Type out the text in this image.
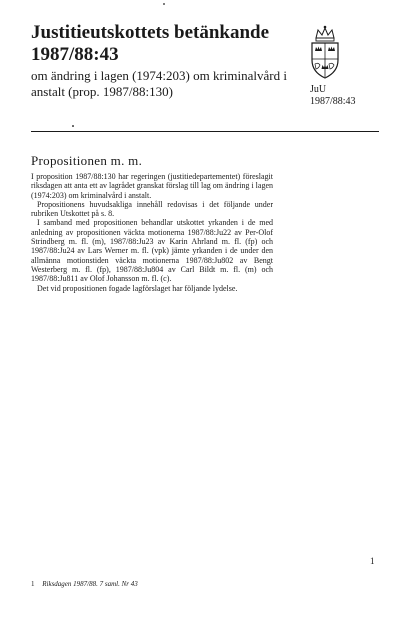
Justitieutskottets betänkande 1987/88:43

om ändring i lagen (1974:203) om kriminalvård i anstalt (prop. 1987/88:130)	JuU
1987/88:43
Propositionen m. m.

I proposition 1987/88:130 har regeringen (justitiedepartementet) föreslagit riksdagen att anta ett av lagrådet granskat förslag till lag om ändring i lagen (1974:203) om kriminalvård i anstalt.

Propositionens huvudsakliga innehåll redovisas i det följande under rubriken Utskottet på s. 8.

I samband med propositionen behandlar utskottet yrkanden i de med anledning av propositionen väckta motionerna 1987/88:Ju22 av Per-Olof Strindberg m. fl. (m), 1987/88:Ju23 av Karin Ahrland m. fl. (fp) och 1987/88:Ju24 av Lars Werner m. fl. (vpk) jämte yrkanden i de under den allmänna motionstiden väckta motionerna 1987/88:Ju802 av Bengt Westerberg m. fl. (fp), 1987/88:Ju804 av Carl Bildt m. fl. (m) och 1987/88:Ju811 av Olof Johansson m. fl. (c).

Det vid propositionen fogade lagförslaget har följande lydelse.

1
1 Riksdagen 1987/88. 7 saml. Nr 43
